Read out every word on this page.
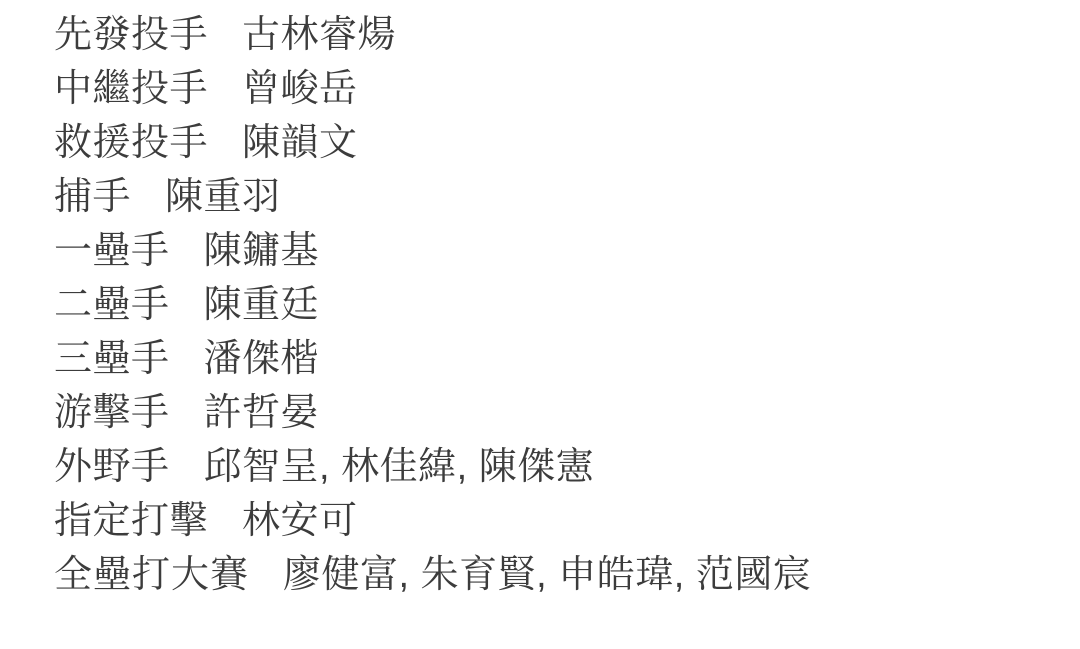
先發投手 古林睿煬
中繼投手 曾峻岳
救援投手 陳韻文
捕手 陳重羽
一壘手 陳鏞基
二壘手 陳重廷
三壘手 潘傑楷
游擊手 許哲晏
外野手 邱智呈, 林佳緯, 陳傑憲
指定打擊 林安可
全壘打大賽 廖健富, 朱育賢, 申皓瑋, 范國宸
